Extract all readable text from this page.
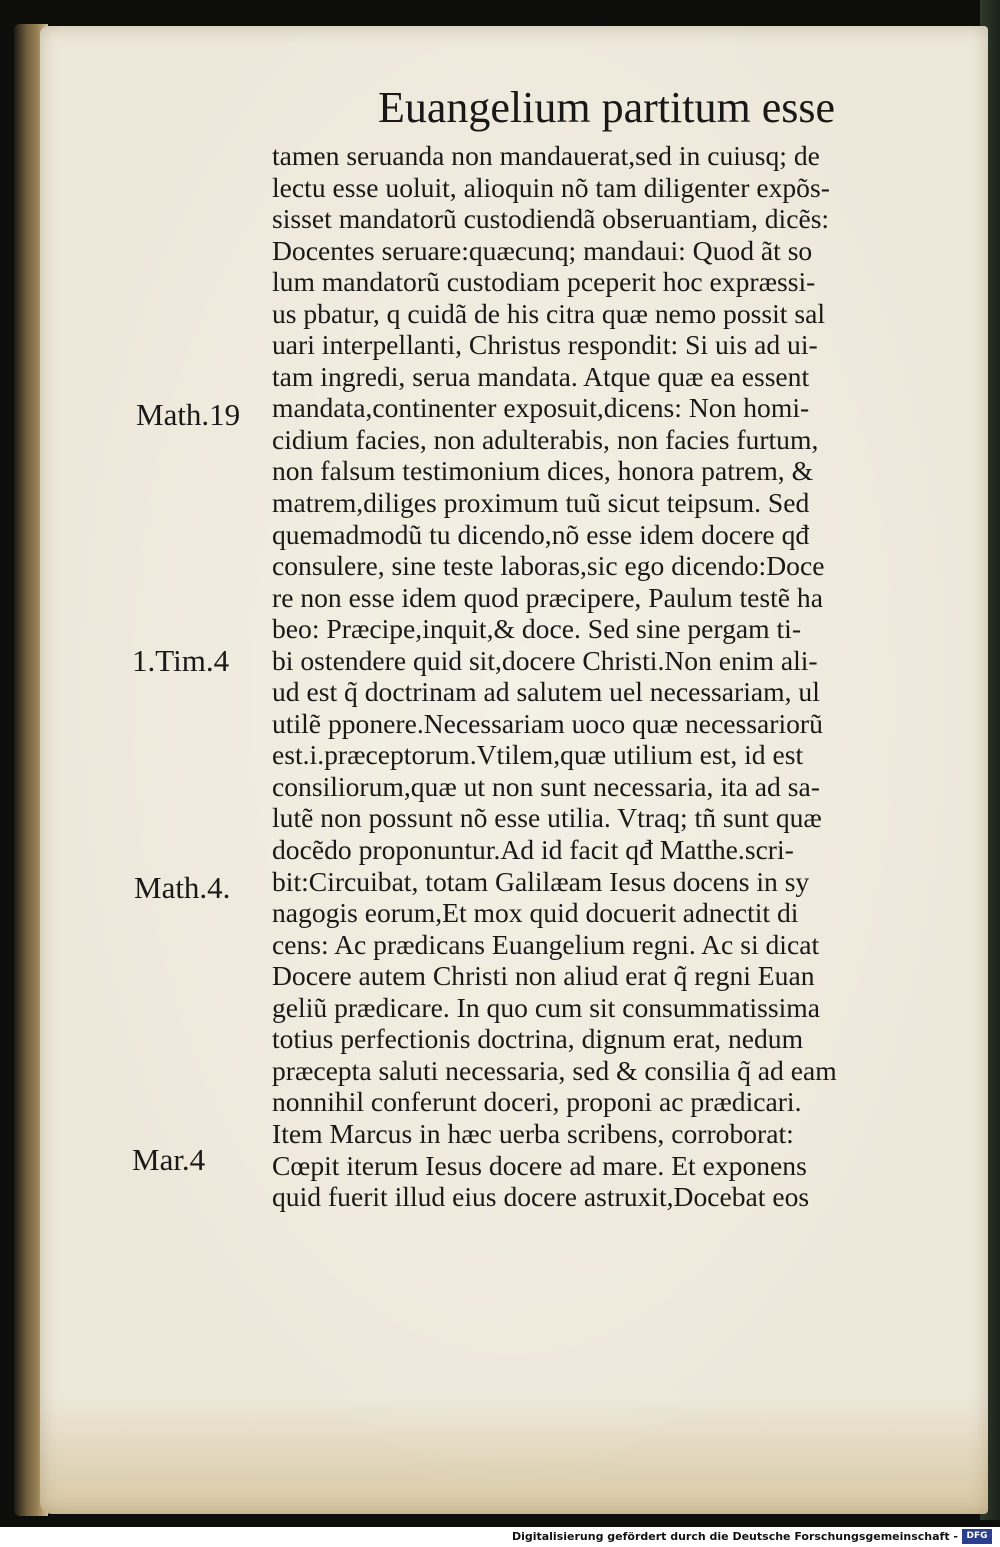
Euangelium partitum esse
tamen seruanda non mandauerat,sed in cuiusq; de
lectu esse uoluit, alioquin nõ tam diligenter expõs-
sisset mandatorũ custodiendã obseruantiam, dicẽs:
Docentes seruare:quæcunq; mandaui: Quod ãt so
lum mandatorũ custodiam pceperit hoc expræssi-
us pbatur, q cuidã de his citra quæ nemo possit sal
uari interpellanti, Christus respondit: Si uis ad ui-
tam ingredi, serua mandata. Atque quæ ea essent
mandata,continenter exposuit,dicens: Non homi-
cidium facies, non adulterabis, non facies furtum,
non falsum testimonium dices, honora patrem, &
matrem,diliges proximum tuũ sicut teipsum. Sed
quemadmodũ tu dicendo,nõ esse idem docere qđ
consulere, sine teste laboras,sic ego dicendo:Doce
re non esse idem quod præcipere, Paulum testẽ ha
beo: Præcipe,inquit,& doce. Sed sine pergam ti-
bi ostendere quid sit,docere Christi.Non enim ali-
ud est q̃ doctrinam ad salutem uel necessariam, ul
utilẽ pponere.Necessariam uoco quæ necessariorũ
est.i.præceptorum.Vtilem,quæ utilium est, id est
consiliorum,quæ ut non sunt necessaria, ita ad sa-
lutẽ non possunt nõ esse utilia. Vtraq; tñ sunt quæ
docẽdo proponuntur.Ad id facit qđ Matthe.scri-
bit:Circuibat, totam Galilæam Iesus docens in sy
nagogis eorum,Et mox quid docuerit adnectit di
cens: Ac prædicans Euangelium regni. Ac si dicat
Docere autem Christi non aliud erat q̃ regni Euan
geliũ prædicare. In quo cum sit consummatissima
totius perfectionis doctrina, dignum erat, nedum
præcepta saluti necessaria, sed & consilia q̃ ad eam
nonnihil conferunt doceri, proponi ac prædicari.
Item Marcus in hæc uerba scribens, corroborat:
Cœpit iterum Iesus docere ad mare. Et exponens
quid fuerit illud eius docere astruxit,Docebat eos
Math.19
1.Tim.4
Math.4.
Mar.4
Digitalisierung gefördert durch die Deutsche Forschungsgemeinschaft - DFG
